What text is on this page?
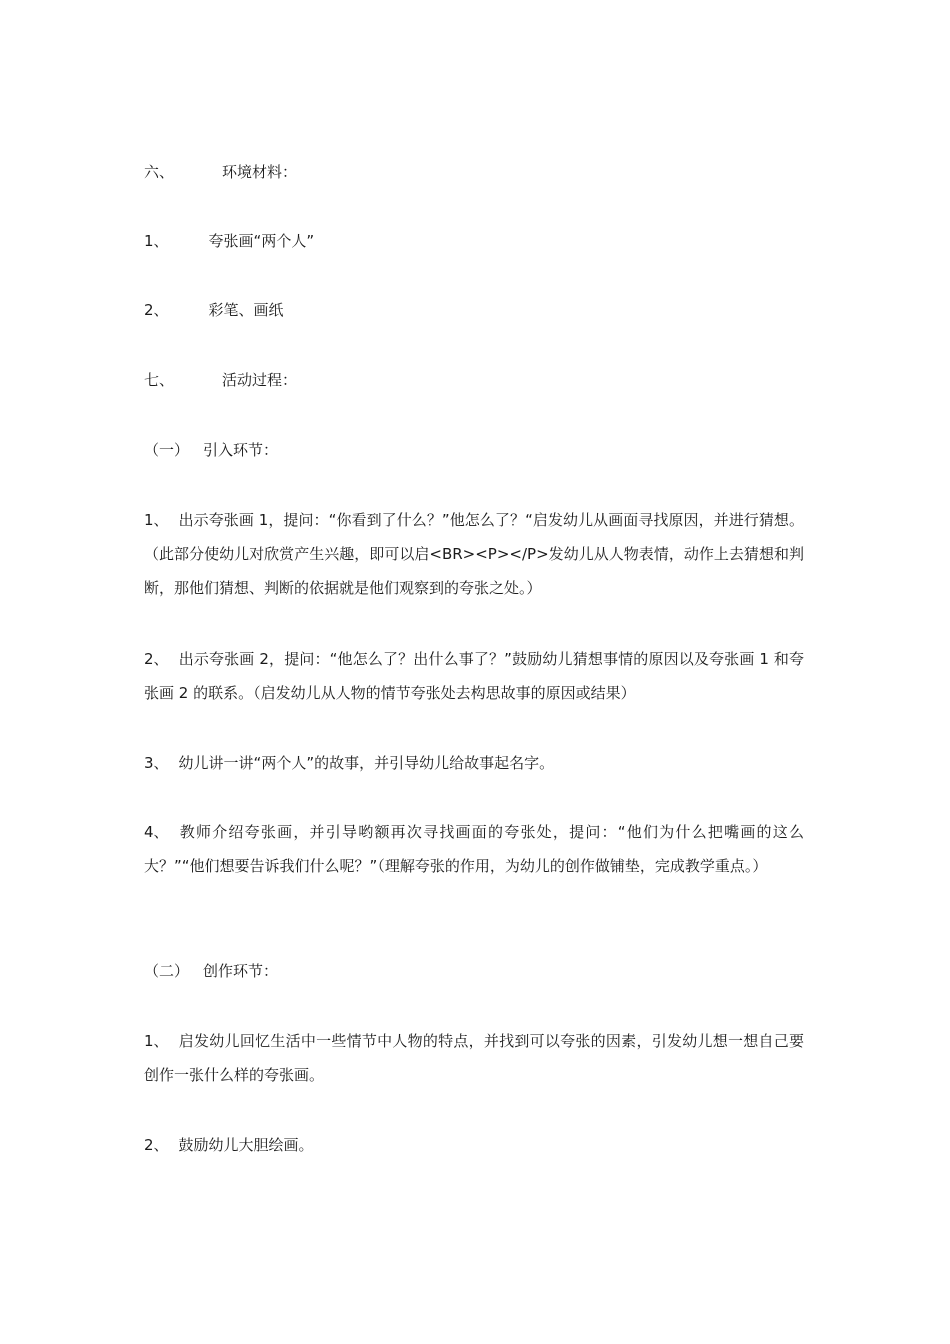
六、	环境材料：
1、	夸张画“两个人”
2、	彩笔、画纸
七、	活动过程：
（一） 引入环节：
1、 出示夸张画 1，提问：“你看到了什么？”他怎么了？“启发幼儿从画面寻找原因，并进行猜想。（此部分使幼儿对欣赏产生兴趣，即可以启<BR><P></P>发幼儿从人物表情，动作上去猜想和判断，那他们猜想、判断的依据就是他们观察到的夸张之处。）
2、 出示夸张画 2，提问：“他怎么了？出什么事了？”鼓励幼儿猜想事情的原因以及夸张画 1 和夸张画 2 的联系。（启发幼儿从人物的情节夸张处去构思故事的原因或结果）
3、 幼儿讲一讲“两个人”的故事，并引导幼儿给故事起名字。
4、 教师介绍夸张画，并引导哟额再次寻找画面的夸张处，提问：“他们为什么把嘴画的这么大？”“他们想要告诉我们什么呢？”（理解夸张的作用，为幼儿的创作做铺垫，完成教学重点。）
（二） 创作环节：
1、 启发幼儿回忆生活中一些情节中人物的特点，并找到可以夸张的因素，引发幼儿想一想自己要创作一张什么样的夸张画。
2、 鼓励幼儿大胆绘画。
